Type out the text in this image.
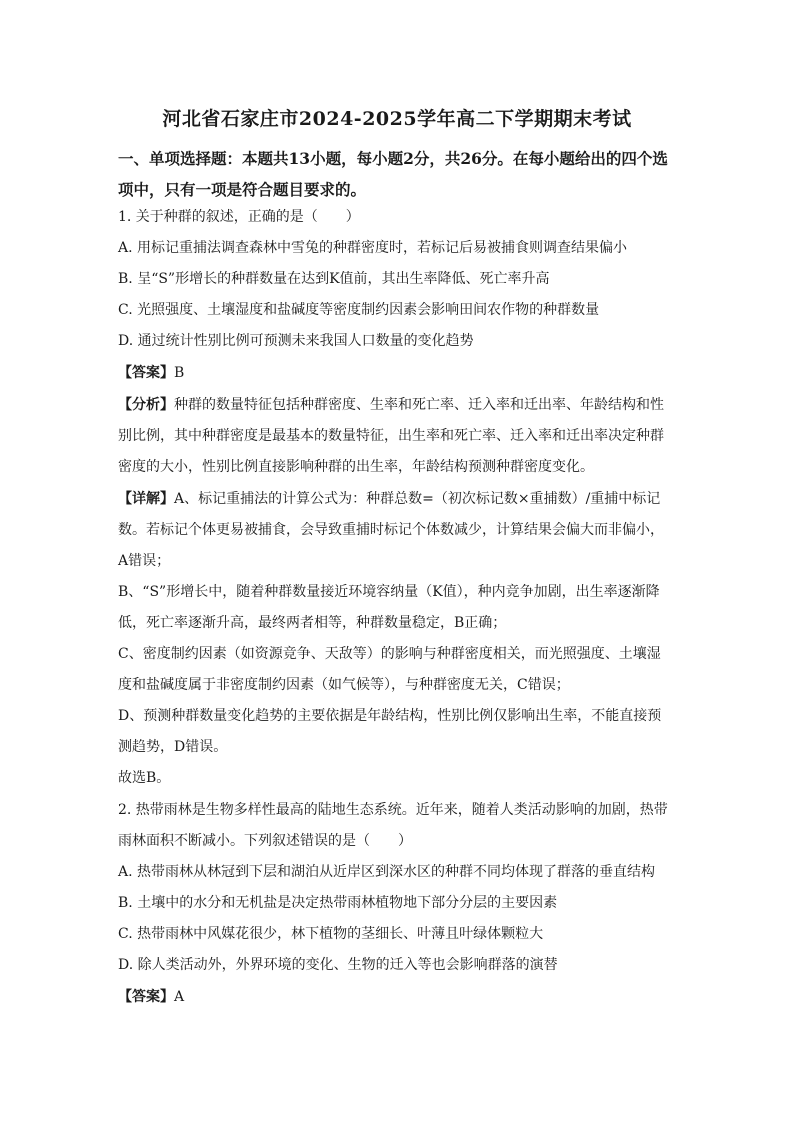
河北省石家庄市2024-2025学年高二下学期期末考试
一、单项选择题：本题共13小题，每小题2分，共26分。在每小题给出的四个选项中，只有一项是符合题目要求的。
1. 关于种群的叙述，正确的是（　　）
A. 用标记重捕法调查森林中雪兔的种群密度时，若标记后易被捕食则调查结果偏小
B. 呈“S”形增长的种群数量在达到K值前，其出生率降低、死亡率升高
C. 光照强度、土壤湿度和盐碱度等密度制约因素会影响田间农作物的种群数量
D. 通过统计性别比例可预测未来我国人口数量的变化趋势
【答案】B
【分析】种群的数量特征包括种群密度、生率和死亡率、迁入率和迁出率、年龄结构和性
别比例，其中种群密度是最基本的数量特征，出生率和死亡率、迁入率和迁出率决定种群
密度的大小，性别比例直接影响种群的出生率，年龄结构预测种群密度变化。
【详解】A、标记重捕法的计算公式为：种群总数=（初次标记数×重捕数）/重捕中标记
数。若标记个体更易被捕食，会导致重捕时标记个体数减少，计算结果会偏大而非偏小，
A错误；
B、“S”形增长中，随着种群数量接近环境容纳量（K值），种内竞争加剧，出生率逐渐降
低，死亡率逐渐升高，最终两者相等，种群数量稳定，B正确；
C、密度制约因素（如资源竞争、天敌等）的影响与种群密度相关，而光照强度、土壤湿
度和盐碱度属于非密度制约因素（如气候等），与种群密度无关，C错误；
D、预测种群数量变化趋势的主要依据是年龄结构，性别比例仅影响出生率，不能直接预
测趋势，D错误。
故选B。
2. 热带雨林是生物多样性最高的陆地生态系统。近年来，随着人类活动影响的加剧，热带
雨林面积不断减小。下列叙述错误的是（　　）
A. 热带雨林从林冠到下层和湖泊从近岸区到深水区的种群不同均体现了群落的垂直结构
B. 土壤中的水分和无机盐是决定热带雨林植物地下部分分层的主要因素
C. 热带雨林中风媒花很少，林下植物的茎细长、叶薄且叶绿体颗粒大
D. 除人类活动外，外界环境的变化、生物的迁入等也会影响群落的演替
【答案】A
